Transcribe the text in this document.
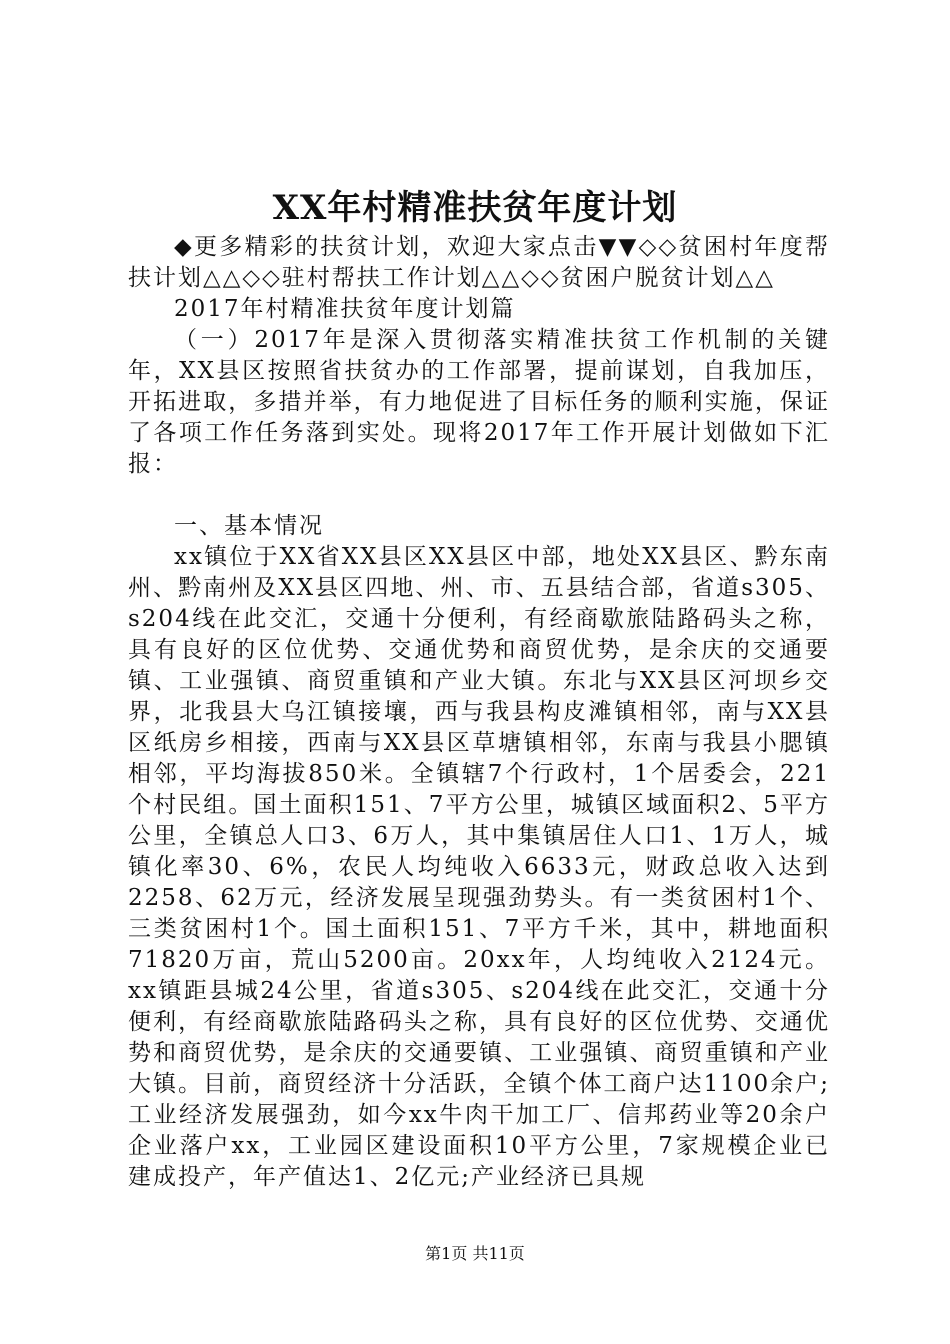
XX年村精准扶贫年度计划

◆更多精彩的扶贫计划，欢迎大家点击▼▼◇◇贫困村年度帮扶计划△△◇◇驻村帮扶工作计划△△◇◇贫困户脱贫计划△△

2017年村精准扶贫年度计划篇

（一）2017年是深入贯彻落实精准扶贫工作机制的关键年，XX县区按照省扶贫办的工作部署，提前谋划，自我加压，开拓进取，多措并举，有力地促进了目标任务的顺利实施，保证了各项工作任务落到实处。现将2017年工作开展计划做如下汇报：

一、基本情况

xx镇位于XX省XX县区XX县区中部，地处XX县区、黔东南州、黔南州及XX县区四地、州、市、五县结合部，省道s305、s204线在此交汇，交通十分便利，有经商歇旅陆路码头之称，具有良好的区位优势、交通优势和商贸优势，是余庆的交通要镇、工业强镇、商贸重镇和产业大镇。东北与XX县区河坝乡交界，北我县大乌江镇接壤，西与我县构皮滩镇相邻，南与XX县区纸房乡相接，西南与XX县区草塘镇相邻，东南与我县小腮镇相邻，平均海拔850米。全镇辖7个行政村，1个居委会，221个村民组。国土面积151、7平方公里，城镇区域面积2、5平方公里，全镇总人口3、6万人，其中集镇居住人口1、1万人，城镇化率30、6%，农民人均纯收入6633元，财政总收入达到2258、62万元，经济发展呈现强劲势头。有一类贫困村1个、三类贫困村1个。国土面积151、7平方千米，其中，耕地面积71820万亩，荒山5200亩。20xx年，人均纯收入2124元。xx镇距县城24公里，省道s305、s204线在此交汇，交通十分便利，有经商歇旅陆路码头之称，具有良好的区位优势、交通优势和商贸优势，是余庆的交通要镇、工业强镇、商贸重镇和产业大镇。目前，商贸经济十分活跃，全镇个体工商户达1100余户;工业经济发展强劲，如今xx牛肉干加工厂、信邦药业等20余户企业落户xx，工业园区建设面积10平方公里，7家规模企业已建成投产，年产值达1、2亿元;产业经济已具规

第1页 共11页
